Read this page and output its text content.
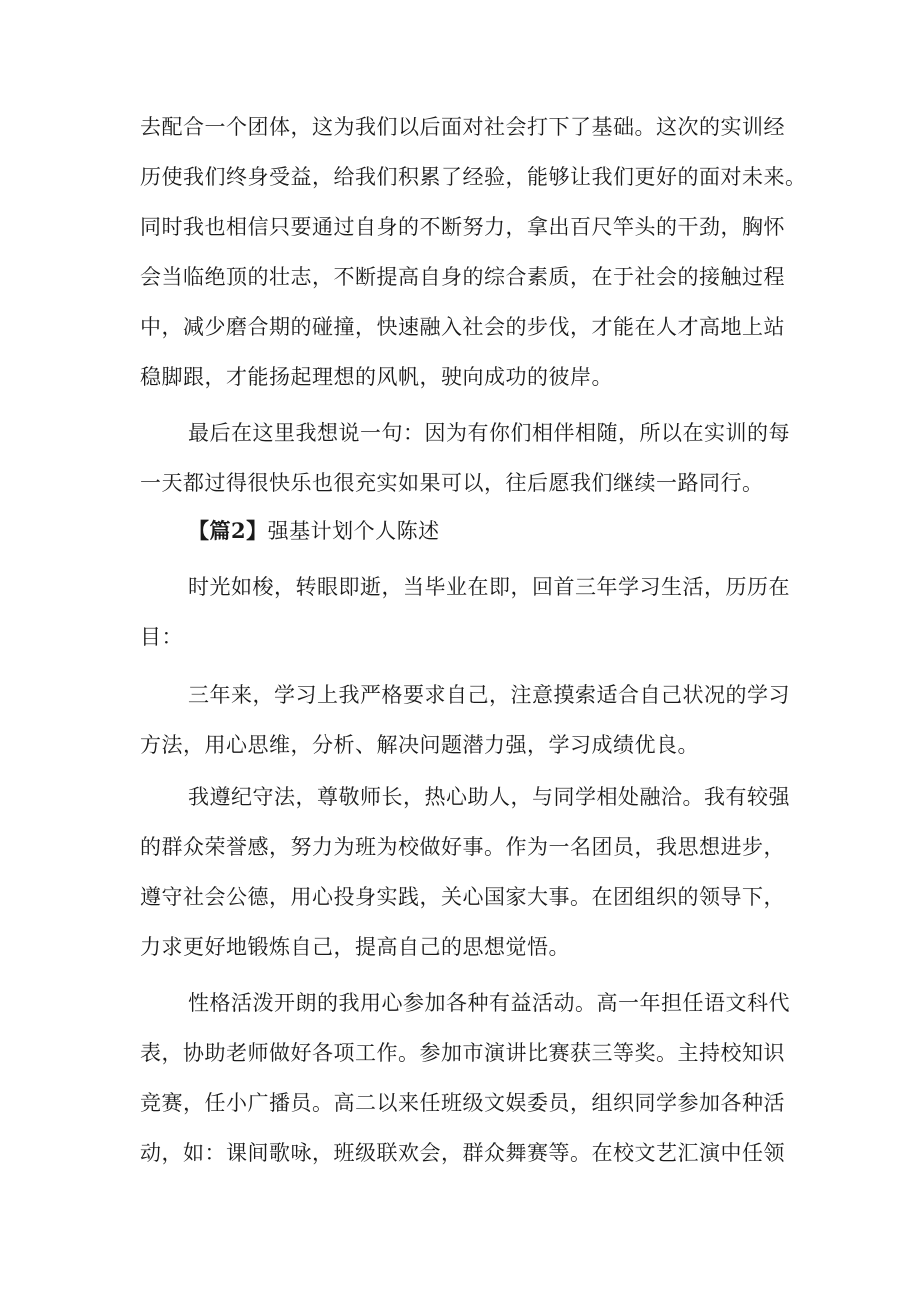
去配合一个团体，这为我们以后面对社会打下了基础。这次的实训经
历使我们终身受益，给我们积累了经验，能够让我们更好的面对未来。
同时我也相信只要通过自身的不断努力，拿出百尺竿头的干劲，胸怀
会当临绝顶的壮志，不断提高自身的综合素质，在于社会的接触过程
中，减少磨合期的碰撞，快速融入社会的步伐，才能在人才高地上站
稳脚跟，才能扬起理想的风帆，驶向成功的彼岸。
最后在这里我想说一句：因为有你们相伴相随，所以在实训的每
一天都过得很快乐也很充实如果可以，往后愿我们继续一路同行。
【篇2】强基计划个人陈述
时光如梭，转眼即逝，当毕业在即，回首三年学习生活，历历在
目：
三年来，学习上我严格要求自己，注意摸索适合自己状况的学习
方法，用心思维，分析、解决问题潜力强，学习成绩优良。
我遵纪守法，尊敬师长，热心助人，与同学相处融洽。我有较强
的群众荣誉感，努力为班为校做好事。作为一名团员，我思想进步，
遵守社会公德，用心投身实践，关心国家大事。在团组织的领导下，
力求更好地锻炼自己，提高自己的思想觉悟。
性格活泼开朗的我用心参加各种有益活动。高一年担任语文科代
表，协助老师做好各项工作。参加市演讲比赛获三等奖。主持校知识
竞赛，任小广播员。高二以来任班级文娱委员，组织同学参加各种活
动，如：课间歌咏，班级联欢会，群众舞赛等。在校文艺汇演中任领
